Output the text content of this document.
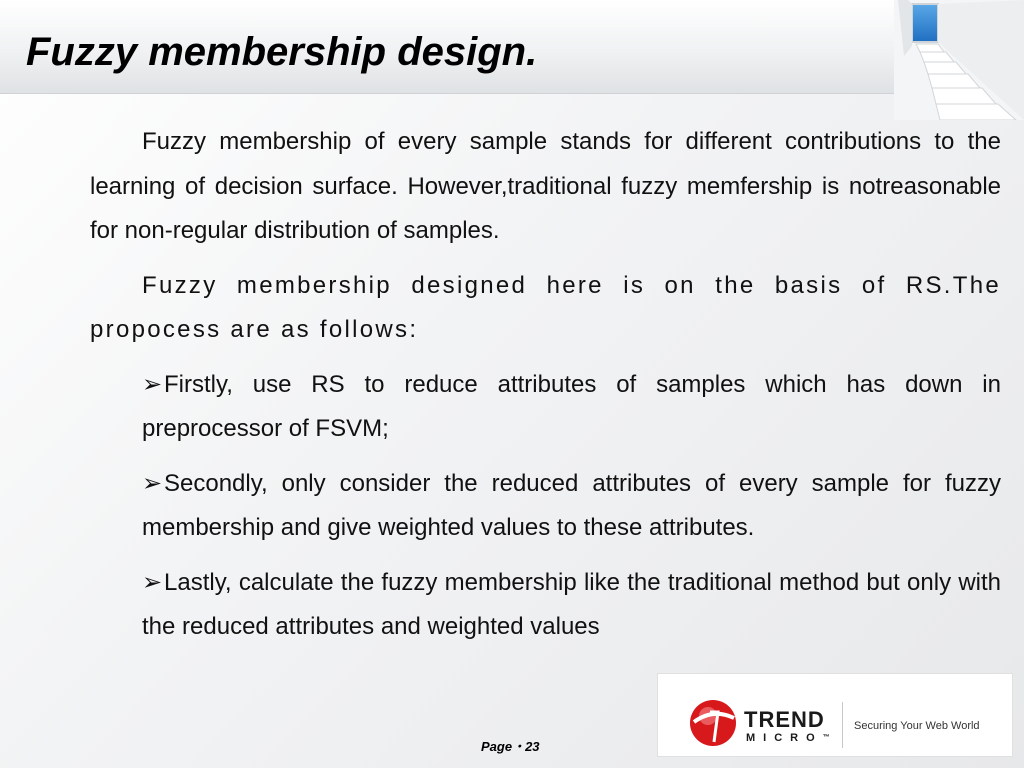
Fuzzy membership design.

Fuzzy membership of every sample stands for different contributions to the learning of decision surface. However,traditional fuzzy memfership is notreasonable for non-regular distribution of samples.

Fuzzy membership designed here is on the basis of RS.The propocess are as follows:

➢Firstly, use RS to reduce attributes of samples which has down in preprocessor of FSVM;
➢Secondly, only consider the reduced attributes of every sample for fuzzy membership and give weighted values to these attributes.
➢Lastly, calculate the fuzzy membership like the traditional method but only with the reduced attributes and weighted values
Page・23
TREND
MICRO™
Securing Your Web World
